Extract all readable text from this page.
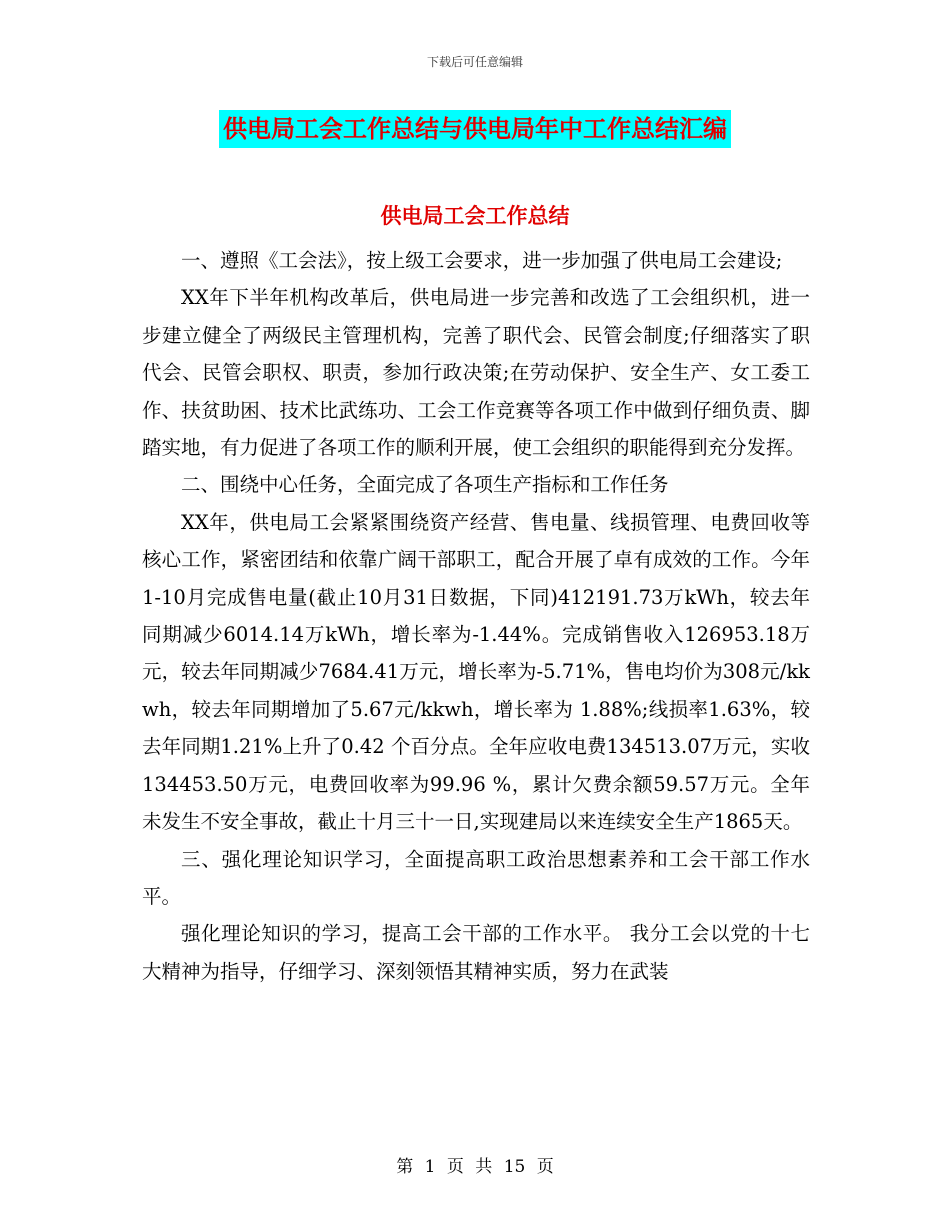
下载后可任意编辑
供电局工会工作总结与供电局年中工作总结汇编
供电局工会工作总结

一、遵照《工会法》，按上级工会要求，进一步加强了供电局工会建设;

XX年下半年机构改革后，供电局进一步完善和改选了工会组织机，进一步建立健全了两级民主管理机构，完善了职代会、民管会制度;仔细落实了职代会、民管会职权、职责，参加行政决策;在劳动保护、安全生产、女工委工作、扶贫助困、技术比武练功、工会工作竞赛等各项工作中做到仔细负责、脚踏实地，有力促进了各项工作的顺利开展，使工会组织的职能得到充分发挥。

二、围绕中心任务，全面完成了各项生产指标和工作任务

XX年，供电局工会紧紧围绕资产经营、售电量、线损管理、电费回收等核心工作，紧密团结和依靠广阔干部职工，配合开展了卓有成效的工作。今年1-10月完成售电量(截止10月31日数据，下同)412191.73万kWh，较去年同期减少6014.14万kWh，增长率为-1.44%。完成销售收入126953.18万元，较去年同期减少7684.41万元，增长率为-5.71%，售电均价为308元/kkwh，较去年同期增加了5.67元/kkwh，增长率为 1.88%;线损率1.63%，较去年同期1.21%上升了0.42 个百分点。全年应收电费134513.07万元，实收134453.50万元，电费回收率为99.96 %，累计欠费余额59.57万元。全年未发生不安全事故，截止十月三十一日,实现建局以来连续安全生产1865天。

三、强化理论知识学习，全面提高职工政治思想素养和工会干部工作水平。

强化理论知识的学习，提高工会干部的工作水平。 我分工会以党的十七大精神为指导，仔细学习、深刻领悟其精神实质，努力在武装

第 1 页 共 15 页
